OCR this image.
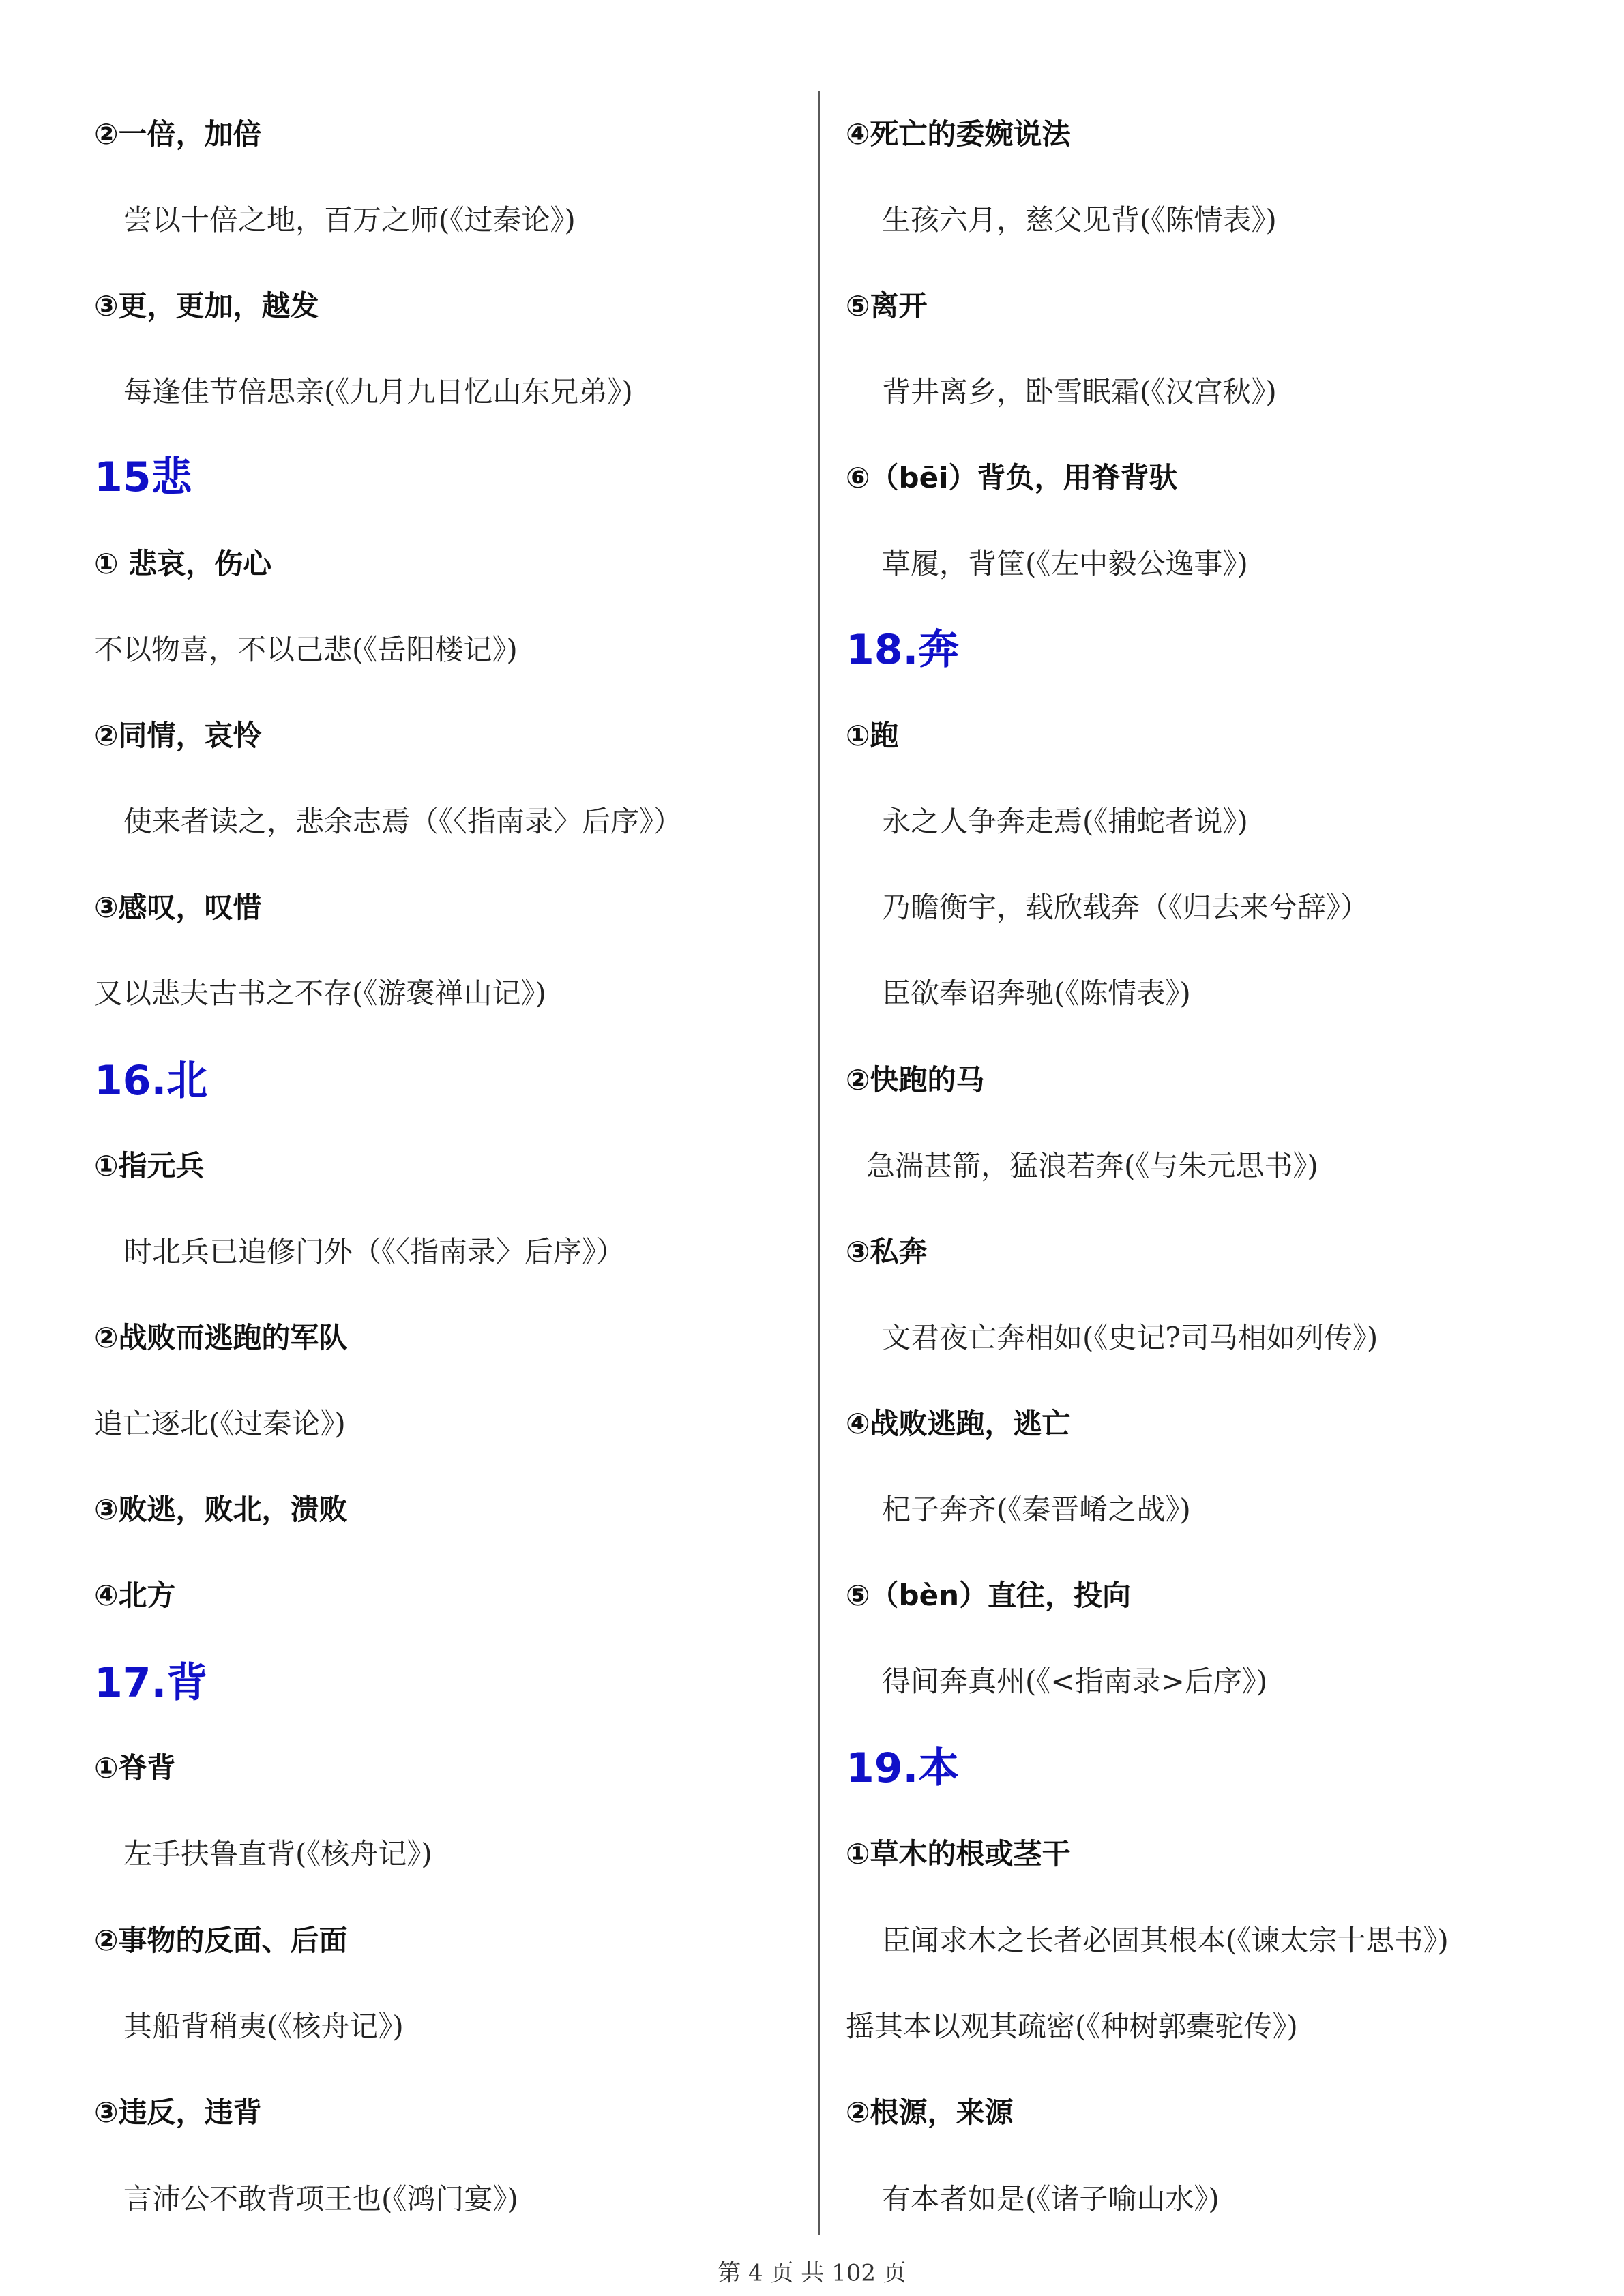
②一倍，加倍
尝以十倍之地，百万之师(《过秦论》)
③更，更加，越发
每逢佳节倍思亲(《九月九日忆山东兄弟》)
15悲
① 悲哀，伤心
不以物喜，不以己悲(《岳阳楼记》)
②同情，哀怜
使来者读之，悲余志焉（《〈指南录〉后序》）
③感叹，叹惜
又以悲夫古书之不存(《游褒禅山记》)
16.北
①指元兵
时北兵已追修门外（《〈指南录〉后序》）
②战败而逃跑的军队
追亡逐北(《过秦论》)
③败逃，败北，溃败
④北方
17.背
①脊背
左手扶鲁直背(《核舟记》)
②事物的反面、后面
其船背稍夷(《核舟记》)
③违反，违背
言沛公不敢背项王也(《鸿门宴》)
④死亡的委婉说法
生孩六月，慈父见背(《陈情表》)
⑤离开
背井离乡，卧雪眠霜(《汉宫秋》)
⑥（bēi）背负，用脊背驮
草履，背筐(《左中毅公逸事》)
18.奔
①跑
永之人争奔走焉(《捕蛇者说》)
乃瞻衡宇，载欣载奔（《归去来兮辞》）
臣欲奉诏奔驰(《陈情表》)
②快跑的马
急湍甚箭，猛浪若奔(《与朱元思书》)
③私奔
文君夜亡奔相如(《史记?司马相如列传》)
④战败逃跑，逃亡
杞子奔齐(《秦晋崤之战》)
⑤（bèn）直往，投向
得间奔真州(《<指南录>后序》)
19.本
①草木的根或茎干
臣闻求木之长者必固其根本(《谏太宗十思书》)
摇其本以观其疏密(《种树郭橐驼传》)
②根源，来源
有本者如是(《诸子喻山水》)
第 4 页 共 102 页
